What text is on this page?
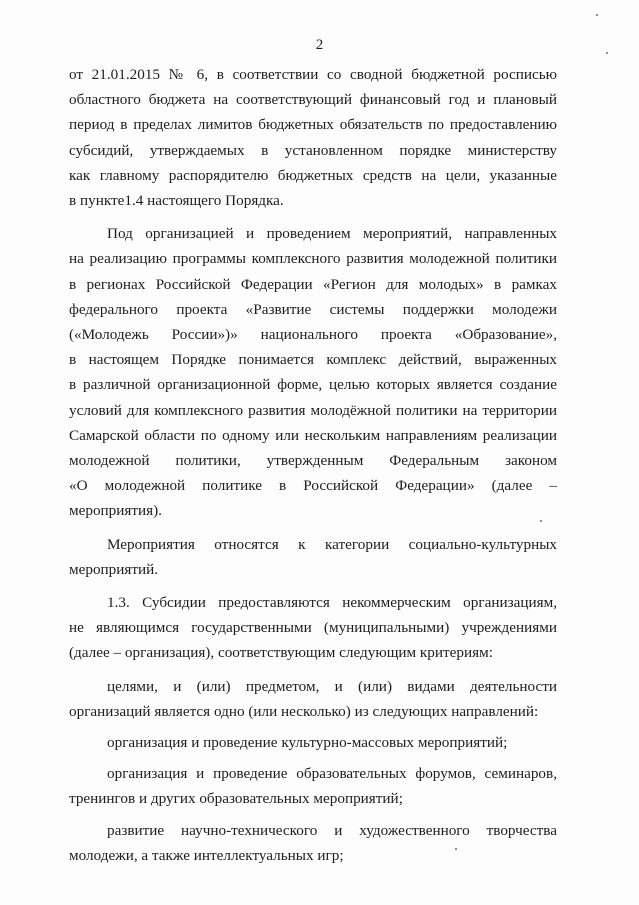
2
от 21.01.2015 № 6, в соответствии со сводной бюджетной росписью
областного бюджета на соответствующий финансовый год и плановый
период в пределах лимитов бюджетных обязательств по предоставлению
субсидий, утверждаемых в установленном порядке министерству
как главному распорядителю бюджетных средств на цели, указанные
в пункте1.4 настоящего Порядка.
Под организацией и проведением мероприятий, направленных
на реализацию программы комплексного развития молодежной политики
в регионах Российской Федерации «Регион для молодых» в рамках
федерального проекта «Развитие системы поддержки молодежи
(«Молодежь России»)» национального проекта «Образование»,
в настоящем Порядке понимается комплекс действий, выраженных
в различной организационной форме, целью которых является создание
условий для комплексного развития молодёжной политики на территории
Самарской области по одному или нескольким направлениям реализации
молодежной политики, утвержденным Федеральным законом
«О молодежной политике в Российской Федерации» (далее –
мероприятия).
Мероприятия относятся к категории социально-культурных
мероприятий.
1.3. Субсидии предоставляются некоммерческим организациям,
не являющимся государственными (муниципальными) учреждениями
(далее – организация), соответствующим следующим критериям:
целями, и (или) предметом, и (или) видами деятельности
организаций является одно (или несколько) из следующих направлений:
организация и проведение культурно-массовых мероприятий;
организация и проведение образовательных форумов, семинаров,
тренингов и других образовательных мероприятий;
развитие научно-технического и художественного творчества
молодежи, а также интеллектуальных игр;
